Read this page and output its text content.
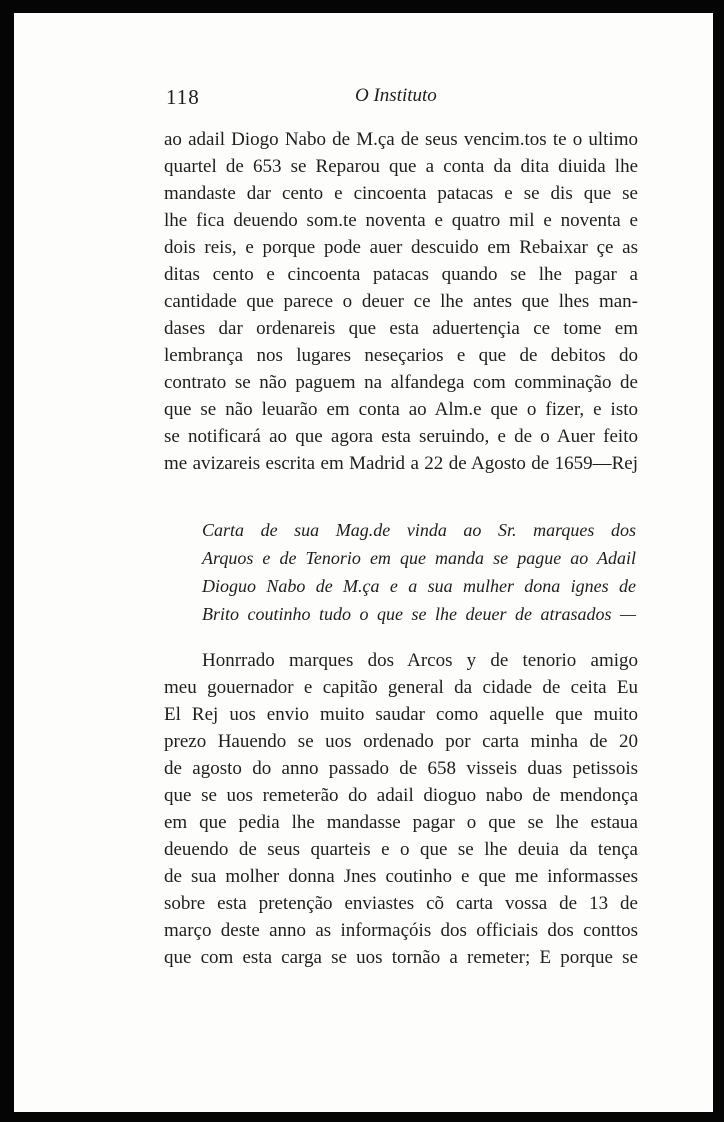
118	O Instituto
ao adail Diogo Nabo de M.ça de seus vencim.tos te o ultimo
quartel de 653 se Reparou que a conta da dita diuida lhe
mandaste dar cento e cincoenta patacas e se dis que se
lhe fica deuendo som.te noventa e quatro mil e noventa e
dois reis, e porque pode auer descuido em Rebaixar çe as
ditas cento e cincoenta patacas quando se lhe pagar a
cantidade que parece o deuer ce lhe antes que lhes man-
dases dar ordenareis que esta aduertençia ce tome em
lembrança nos lugares neseçarios e que de debitos do
contrato se não paguem na alfandega com comminação de
que se não leuarão em conta ao Alm.e que o fizer, e isto
se notificará ao que agora esta seruindo, e de o Auer feito
me avizareis escrita em Madrid a 22 de Agosto de 1659—Rej
Carta de sua Mag.de vinda ao Sr. marques dos
Arquos e de Tenorio em que manda se pague ao Adail
Dioguo Nabo de M.ça e a sua mulher dona ignes de
Brito coutinho tudo o que se lhe deuer de atrasados —
Honrrado marques dos Arcos y de tenorio amigo
meu gouernador e capitão general da cidade de ceita Eu
El Rej uos envio muito saudar como aquelle que muito
prezo Hauendo se uos ordenado por carta minha de 20
de agosto do anno passado de 658 visseis duas petissois
que se uos remeterão do adail dioguo nabo de mendonça
em que pedia lhe mandasse pagar o que se lhe estaua
deuendo de seus quarteis e o que se lhe deuia da tença
de sua molher donna Jnes coutinho e que me informasses
sobre esta pretenção enviastes cõ carta vossa de 13 de
março deste anno as informaçóis dos officiais dos conttos
que com esta carga se uos tornão a remeter; E porque se
